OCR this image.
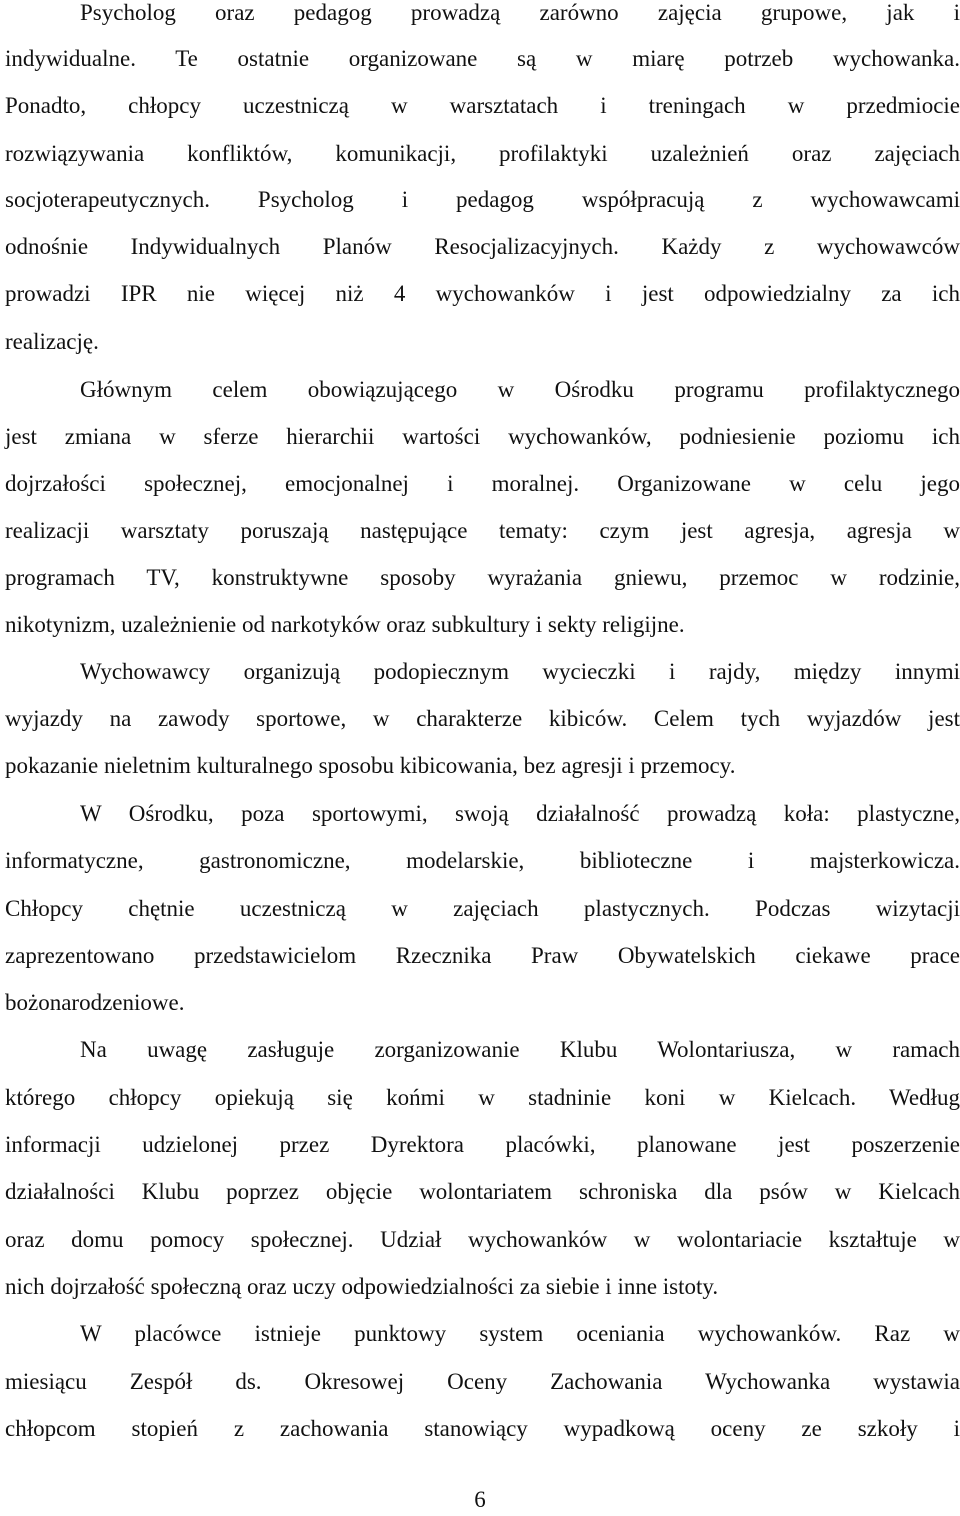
Psycholog oraz pedagog prowadzą zarówno zajęcia grupowe, jak i
indywidualne. Te ostatnie organizowane są w miarę potrzeb wychowanka.
Ponadto, chłopcy uczestniczą w warsztatach i treningach w przedmiocie
rozwiązywania konfliktów, komunikacji, profilaktyki uzależnień oraz zajęciach
socjoterapeutycznych. Psycholog i pedagog współpracują z wychowawcami
odnośnie Indywidualnych Planów Resocjalizacyjnych. Każdy z wychowawców
prowadzi IPR nie więcej niż 4 wychowanków i jest odpowiedzialny za ich
realizację.
Głównym celem obowiązującego w Ośrodku programu profilaktycznego
jest zmiana w sferze hierarchii wartości wychowanków, podniesienie poziomu ich
dojrzałości społecznej, emocjonalnej i moralnej. Organizowane w celu jego
realizacji warsztaty poruszają następujące tematy: czym jest agresja, agresja w
programach TV, konstruktywne sposoby wyrażania gniewu, przemoc w rodzinie,
nikotynizm, uzależnienie od narkotyków oraz subkultury i sekty religijne.
Wychowawcy organizują podopiecznym wycieczki i rajdy, między innymi
wyjazdy na zawody sportowe, w charakterze kibiców. Celem tych wyjazdów jest
pokazanie nieletnim kulturalnego sposobu kibicowania, bez agresji i przemocy.
W Ośrodku, poza sportowymi, swoją działalność prowadzą koła: plastyczne,
informatyczne, gastronomiczne, modelarskie, biblioteczne i majsterkowicza.
Chłopcy chętnie uczestniczą w zajęciach plastycznych. Podczas wizytacji
zaprezentowano przedstawicielom Rzecznika Praw Obywatelskich ciekawe prace
bożonarodzeniowe.
Na uwagę zasługuje zorganizowanie Klubu Wolontariusza, w ramach
którego chłopcy opiekują się końmi w stadninie koni w Kielcach. Według
informacji udzielonej przez Dyrektora placówki, planowane jest poszerzenie
działalności Klubu poprzez objęcie wolontariatem schroniska dla psów w Kielcach
oraz domu pomocy społecznej. Udział wychowanków w wolontariacie kształtuje w
nich dojrzałość społeczną oraz uczy odpowiedzialności za siebie i inne istoty.
W placówce istnieje punktowy system oceniania wychowanków. Raz w
miesiącu Zespół ds. Okresowej Oceny Zachowania Wychowanka wystawia
chłopcom stopień z zachowania stanowiący wypadkową oceny ze szkoły i
6
